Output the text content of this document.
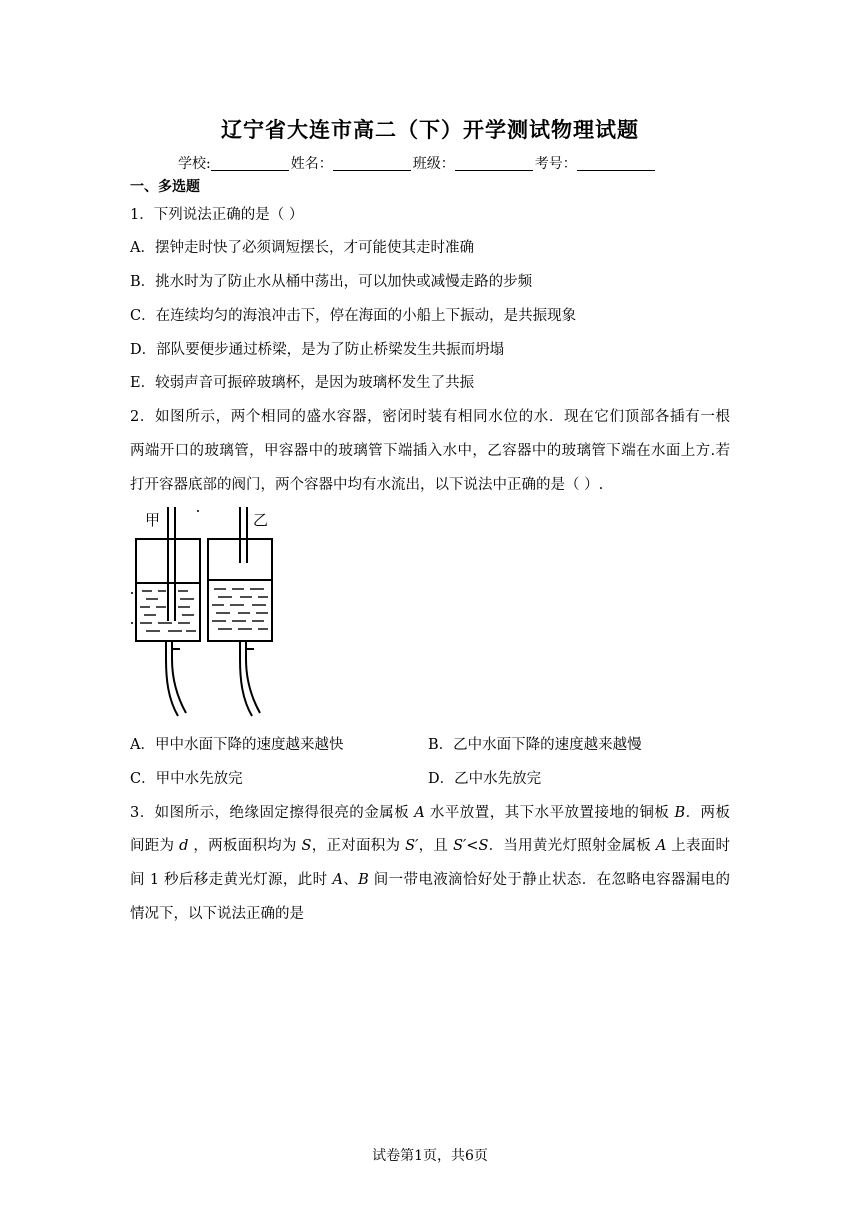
辽宁省大连市高二（下）开学测试物理试题
学校:	姓名：	班级：	考号：
一、多选题
1．下列说法正确的是（ ）
A．摆钟走时快了必须调短摆长，才可能使其走时准确
B．挑水时为了防止水从桶中荡出，可以加快或减慢走路的步频
C．在连续均匀的海浪冲击下，停在海面的小船上下振动，是共振现象
D．部队要便步通过桥梁，是为了防止桥梁发生共振而坍塌
E．较弱声音可振碎玻璃杯，是因为玻璃杯发生了共振
2．如图所示，两个相同的盛水容器，密闭时装有相同水位的水．现在它们顶部各插有一根
两端开口的玻璃管，甲容器中的玻璃管下端插入水中，乙容器中的玻璃管下端在水面上方.若
打开容器底部的阀门，两个容器中均有水流出，以下说法中正确的是（ ）.
甲	乙
A．甲中水面下降的速度越来越快	B．乙中水面下降的速度越来越慢
C．甲中水先放完	D．乙中水先放完
3．如图所示，绝缘固定擦得很亮的金属板 A 水平放置，其下水平放置接地的铜板 B．两板
间距为 d ，两板面积均为 S，正对面积为 S′，且 S′<S．当用黄光灯照射金属板 A 上表面时
间 1 秒后移走黄光灯源，此时 A、B 间一带电液滴恰好处于静止状态．在忽略电容器漏电的
情况下，以下说法正确的是
试卷第1页，共6页
